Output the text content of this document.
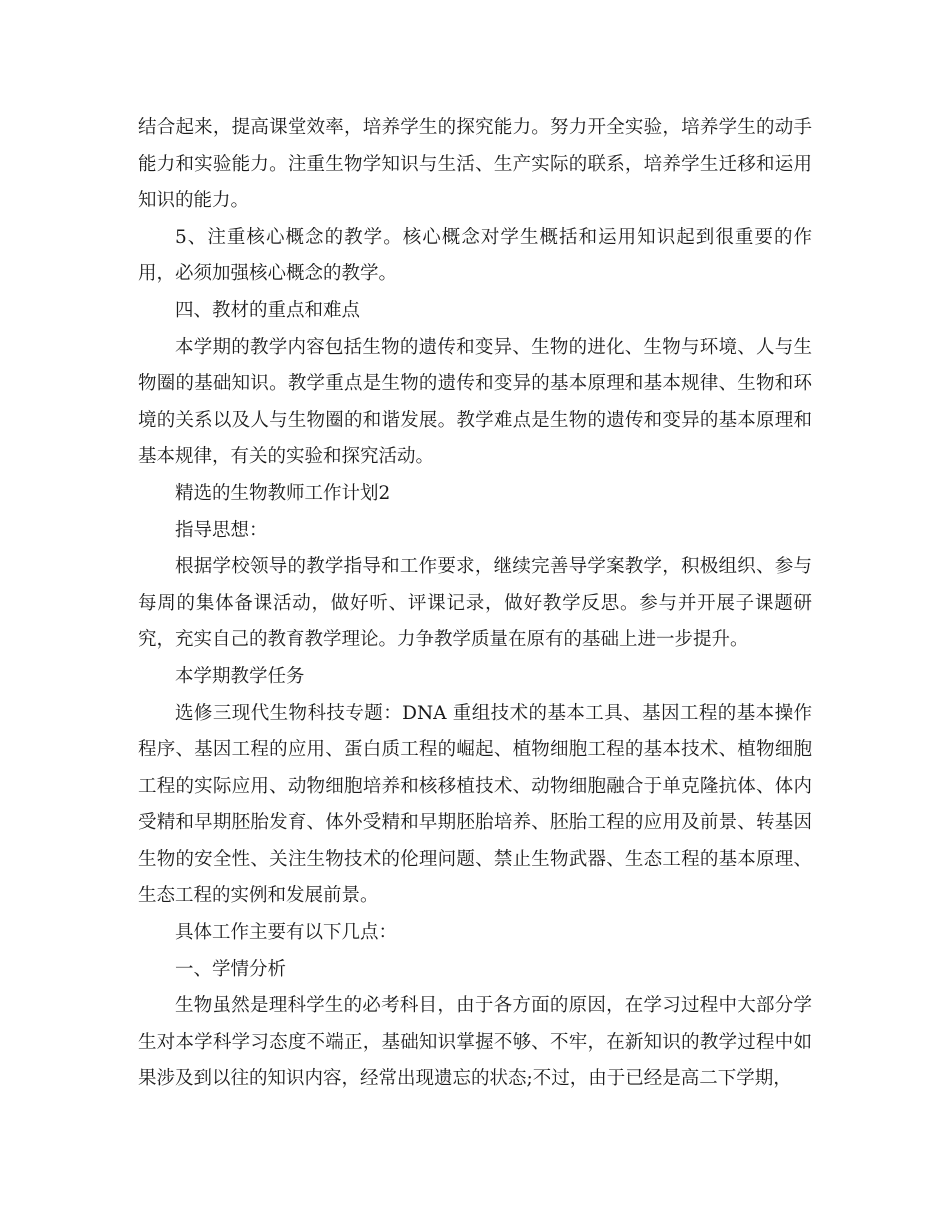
结合起来，提高课堂效率，培养学生的探究能力。努力开全实验，培养学生的动手能力和实验能力。注重生物学知识与生活、生产实际的联系，培养学生迁移和运用知识的能力。

5、注重核心概念的教学。核心概念对学生概括和运用知识起到很重要的作用，必须加强核心概念的教学。

四、教材的重点和难点

本学期的教学内容包括生物的遗传和变异、生物的进化、生物与环境、人与生物圈的基础知识。教学重点是生物的遗传和变异的基本原理和基本规律、生物和环境的关系以及人与生物圈的和谐发展。教学难点是生物的遗传和变异的基本原理和基本规律，有关的实验和探究活动。

精选的生物教师工作计划2

指导思想：

根据学校领导的教学指导和工作要求，继续完善导学案教学，积极组织、参与每周的集体备课活动，做好听、评课记录，做好教学反思。参与并开展子课题研究，充实自己的教育教学理论。力争教学质量在原有的基础上进一步提升。

本学期教学任务

选修三现代生物科技专题：DNA 重组技术的基本工具、基因工程的基本操作程序、基因工程的应用、蛋白质工程的崛起、植物细胞工程的基本技术、植物细胞工程的实际应用、动物细胞培养和核移植技术、动物细胞融合于单克隆抗体、体内受精和早期胚胎发育、体外受精和早期胚胎培养、胚胎工程的应用及前景、转基因生物的安全性、关注生物技术的伦理问题、禁止生物武器、生态工程的基本原理、生态工程的实例和发展前景。

具体工作主要有以下几点：

一、学情分析

生物虽然是理科学生的必考科目，由于各方面的原因，在学习过程中大部分学生对本学科学习态度不端正，基础知识掌握不够、不牢，在新知识的教学过程中如果涉及到以往的知识内容，经常出现遗忘的状态;不过，由于已经是高二下学期，
